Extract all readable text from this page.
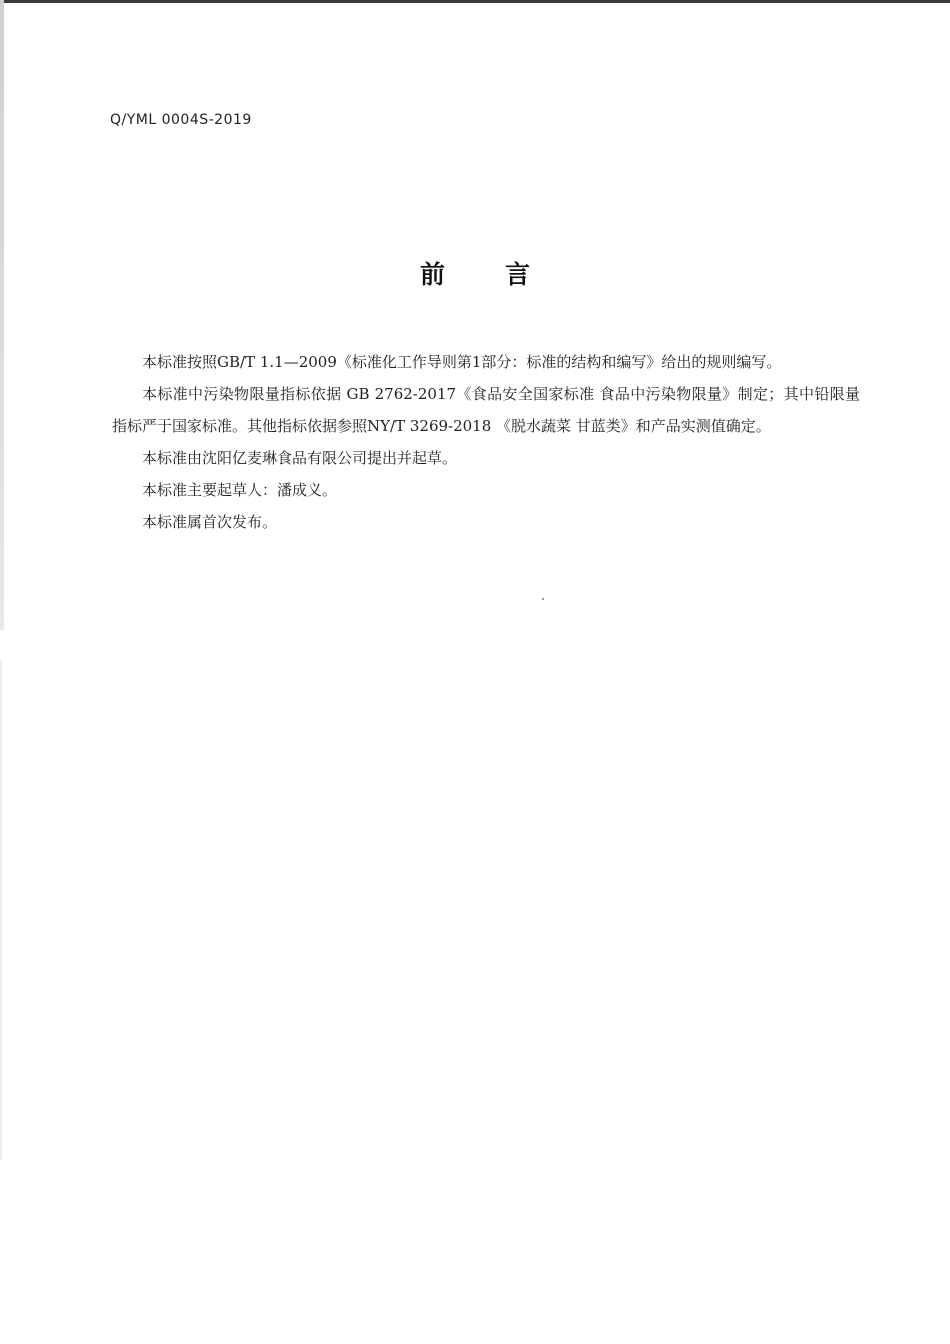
Q/YML 0004S-2019
前言

本标准按照GB/T 1.1—2009《标准化工作导则第1部分：标准的结构和编写》给出的规则编写。

本标准中污染物限量指标依据 GB 2762-2017《食品安全国家标准 食品中污染物限量》制定；其中铅限量指标严于国家标准。其他指标依据参照NY/T 3269-2018 《脱水蔬菜 甘蓝类》和产品实测值确定。

本标准由沈阳亿麦琳食品有限公司提出并起草。

本标准主要起草人：潘成义。

本标准属首次发布。
